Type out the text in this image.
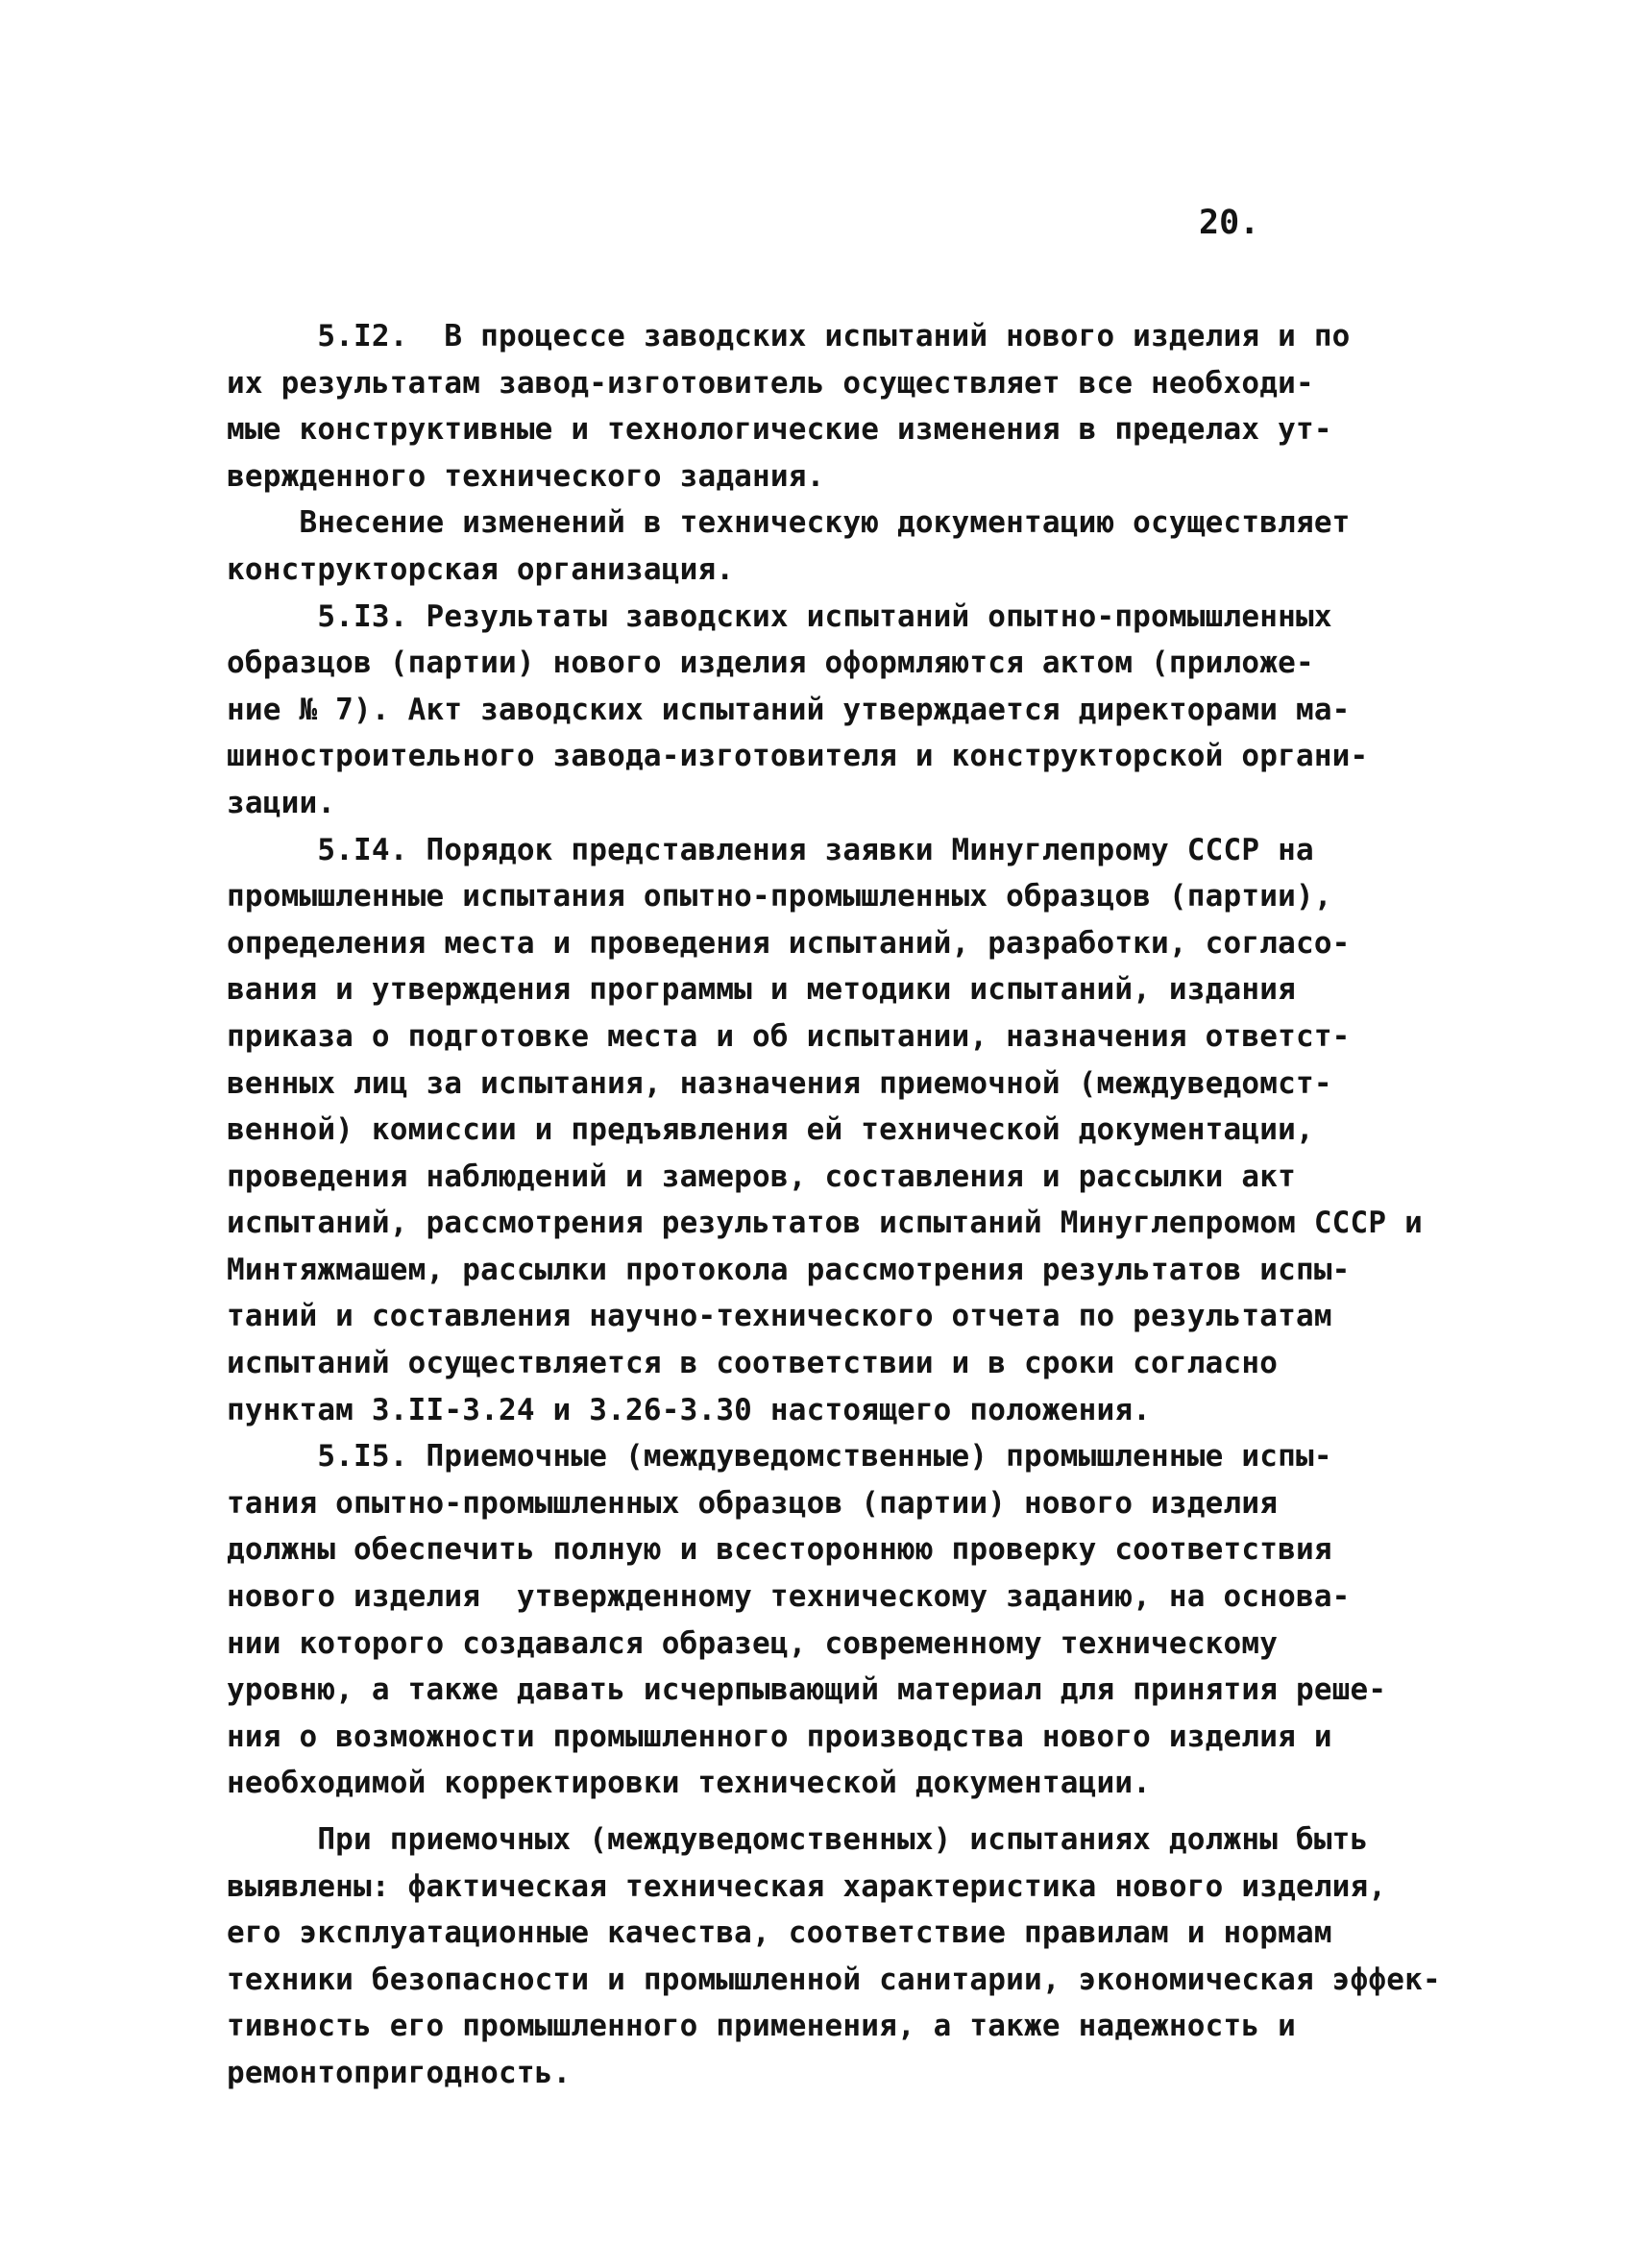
20.

5.I2.  В процессе заводских испытаний нового изделия и по
их результатам завод-изготовитель осуществляет все необходи-
мые конструктивные и технологические изменения в пределах ут-
вержденного технического задания.

Внесение изменений в техническую документацию осуществляет
конструкторская организация.

5.I3. Результаты заводских испытаний опытно-промышленных
образцов (партии) нового изделия оформляются актом (приложе-
ние № 7). Акт заводских испытаний утверждается директорами ма-
шиностроительного завода-изготовителя и конструкторской органи-
зации.

5.I4. Порядок представления заявки Минуглепрому СССР на
промышленные испытания опытно-промышленных образцов (партии),
определения места и проведения испытаний, разработки, согласо-
вания и утверждения программы и методики испытаний, издания
приказа о подготовке места и об испытании, назначения ответст-
венных лиц за испытания, назначения приемочной (междуведомст-
венной) комиссии и предъявления ей технической документации,
проведения наблюдений и замеров, составления и рассылки акт
испытаний, рассмотрения результатов испытаний Минуглепромом СССР и
Минтяжмашем, рассылки протокола рассмотрения результатов испы-
таний и составления научно-технического отчета по результатам
испытаний осуществляется в соответствии и в сроки согласно
пунктам 3.II-3.24 и 3.26-3.30 настоящего положения.

5.I5. Приемочные (междуведомственные) промышленные испы-
тания опытно-промышленных образцов (партии) нового изделия
должны обеспечить полную и всестороннюю проверку соответствия
нового изделия  утвержденному техническому заданию, на основа-
нии которого создавался образец, современному техническому
уровню, а также давать исчерпывающий материал для принятия реше-
ния о возможности промышленного производства нового изделия и
необходимой корректировки технической документации.

При приемочных (междуведомственных) испытаниях должны быть
выявлены: фактическая техническая характеристика нового изделия,
его эксплуатационные качества, соответствие правилам и нормам
техники безопасности и промышленной санитарии, экономическая эффек-
тивность его промышленного применения, а также надежность и
ремонтопригодность.
